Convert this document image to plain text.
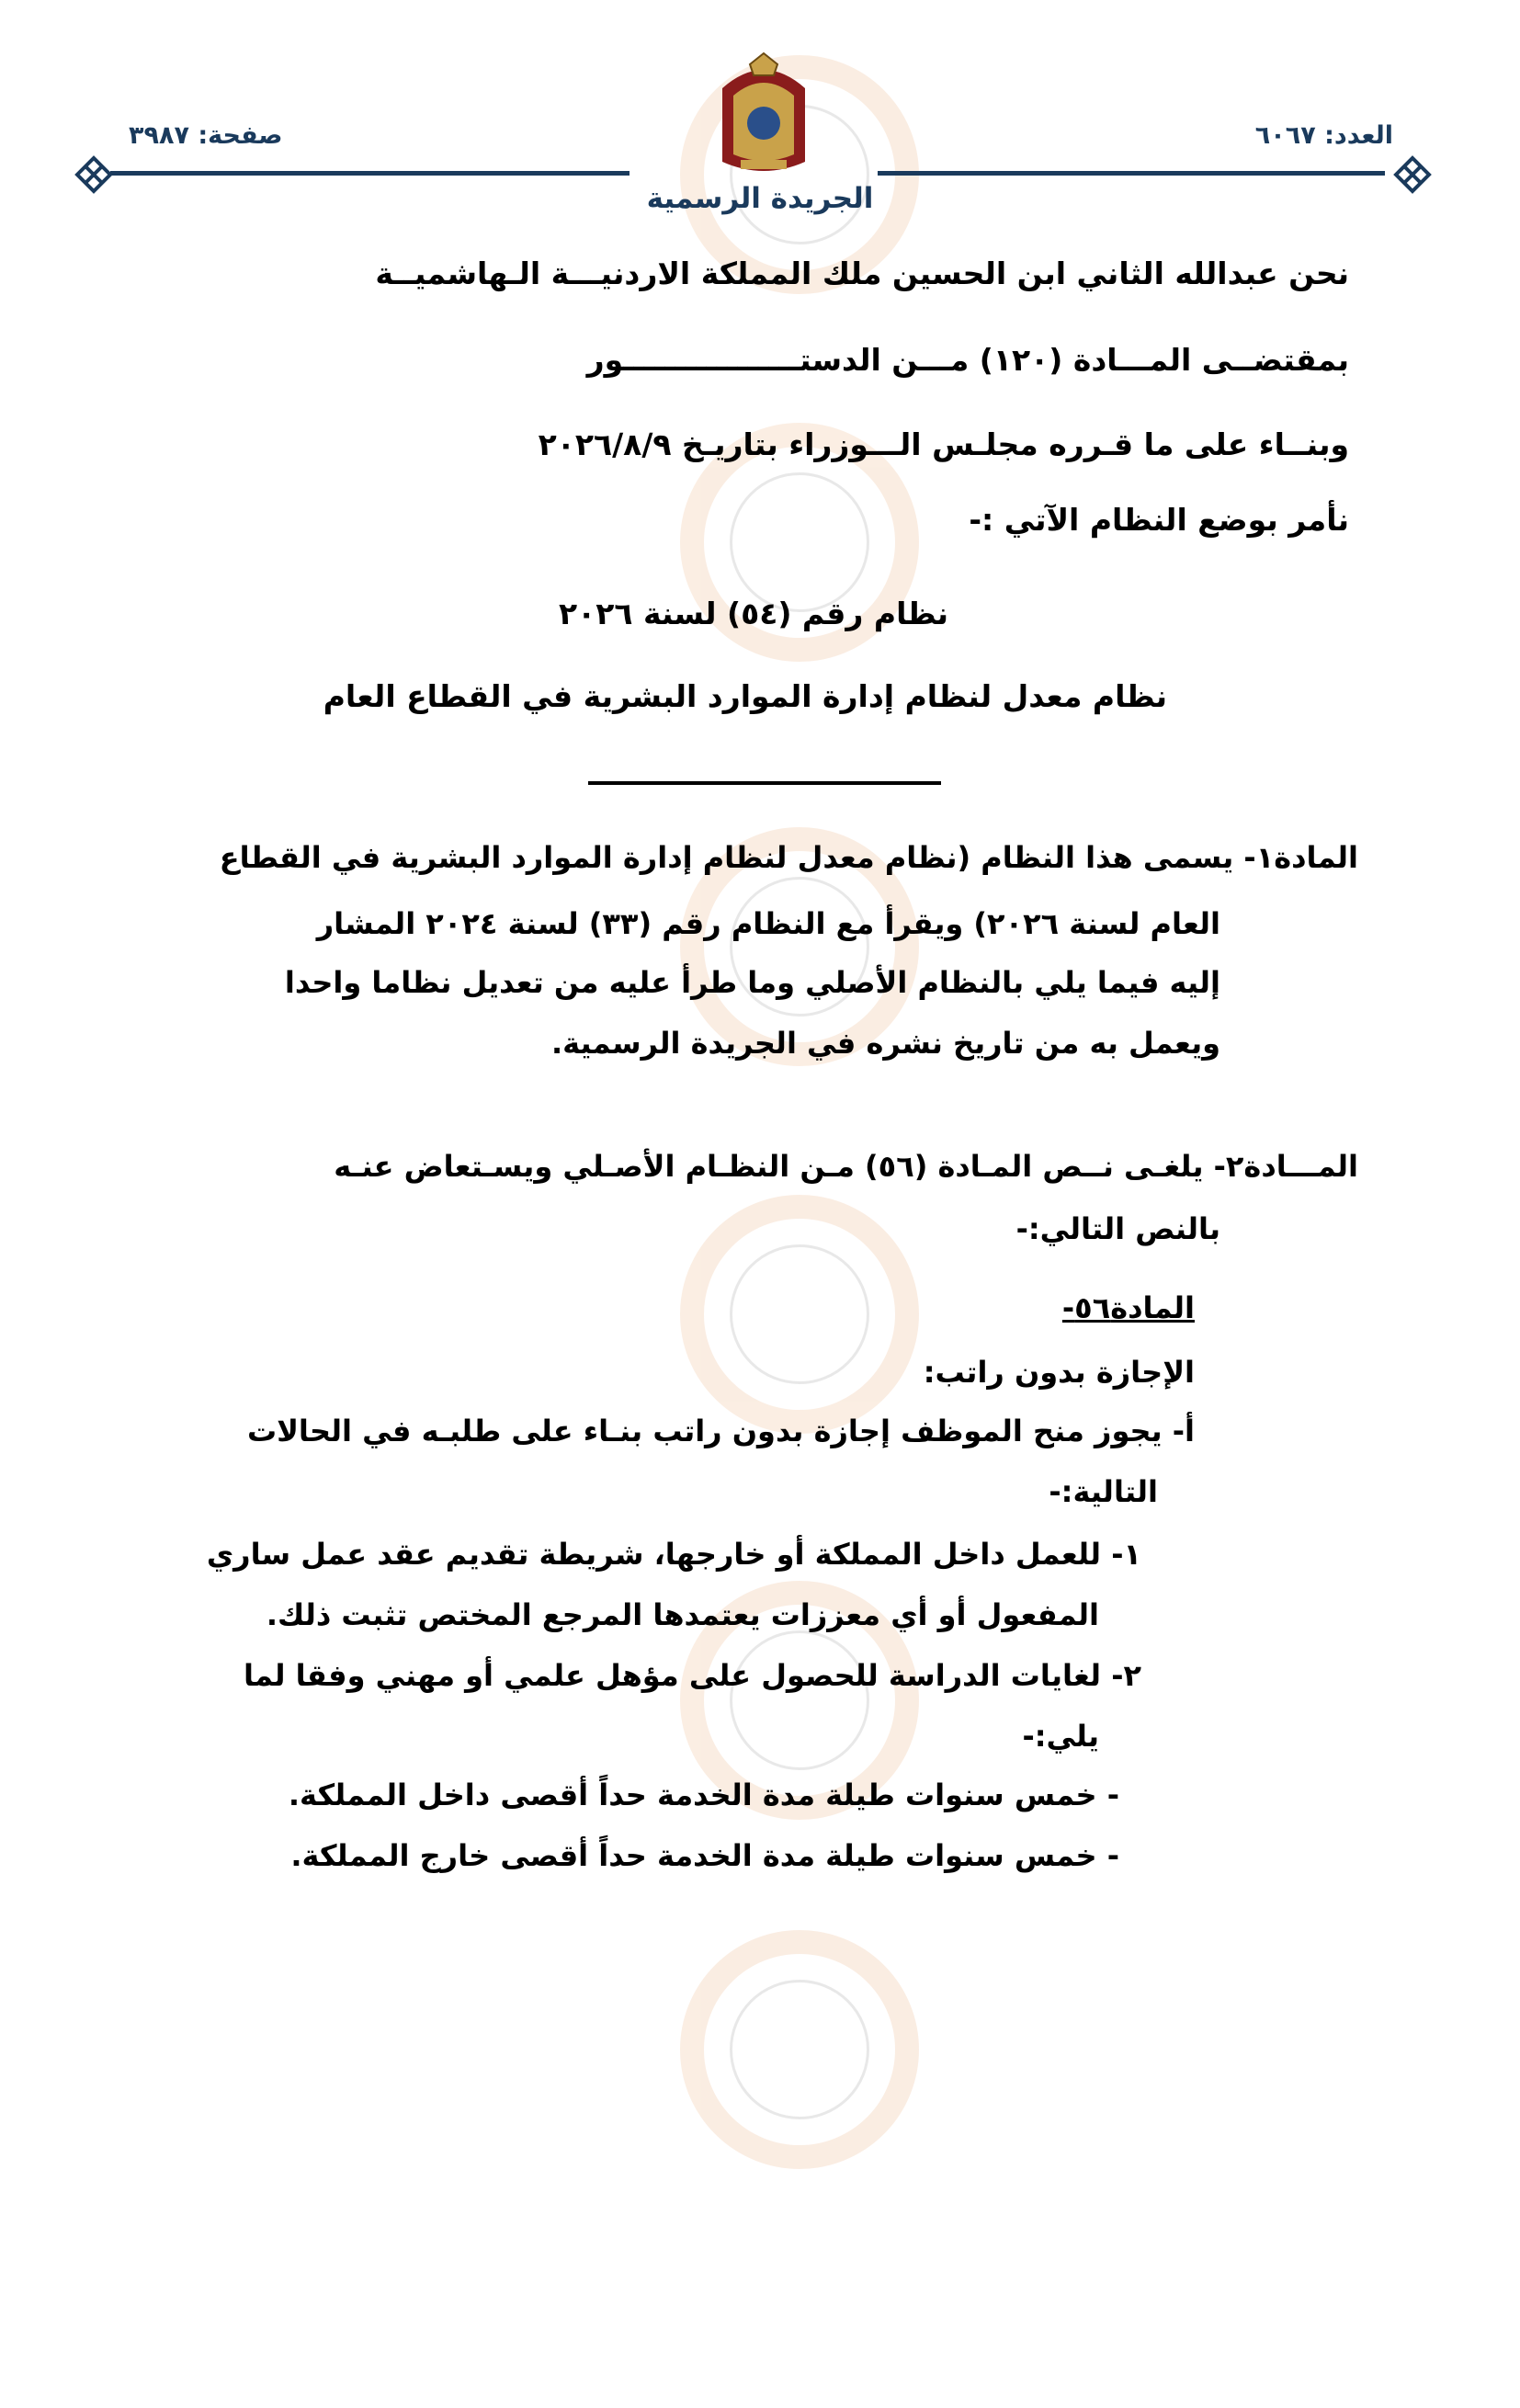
العدد: ٦٠٦٧
صفحة: ٣٩٨٧
الجريدة الرسمية
نحن عبدالله الثاني ابن الحسين ملك المملكة الاردنيـــة الـهاشميــة
بمقتضــى المـــادة (١٢٠) مـــن الدستـــــــــــــــــور
وبنــاء على ما قـرره مجلـس الـــوزراء بتاريـخ ٢٠٢٦/٨/٩
نأمر بوضع النظام الآتي :-
نظام رقم (٥٤) لسنة ٢٠٢٦
نظام معدل لنظام إدارة الموارد البشرية في القطاع العام
المادة١- يسمى هذا النظام (نظام معدل لنظام إدارة الموارد البشرية في القطاع
العام لسنة ٢٠٢٦) ويقرأ مع النظام رقم (٣٣) لسنة ٢٠٢٤ المشار
إليه فيما يلي بالنظام الأصلي وما طرأ عليه من تعديل نظاما واحدا
ويعمل به من تاريخ نشره في الجريدة الرسمية.
المـــادة٢- يلغـى نــص المـادة (٥٦) مـن النظـام الأصـلي ويسـتعاض عنـه
بالنص التالي:-
المادة٥٦-
الإجازة بدون راتب:
أ- يجوز منح الموظف إجازة بدون راتب بنـاء على طلبـه في الحالات
التالية:-
١- للعمل داخل المملكة أو خارجها، شريطة تقديم عقد عمل ساري
المفعول أو أي معززات يعتمدها المرجع المختص تثبت ذلك.
٢- لغايات الدراسة للحصول على مؤهل علمي أو مهني وفقا لما
يلي:-
- خمس سنوات طيلة مدة الخدمة حداً أقصى داخل المملكة.
- خمس سنوات طيلة مدة الخدمة حداً أقصى خارج المملكة.
